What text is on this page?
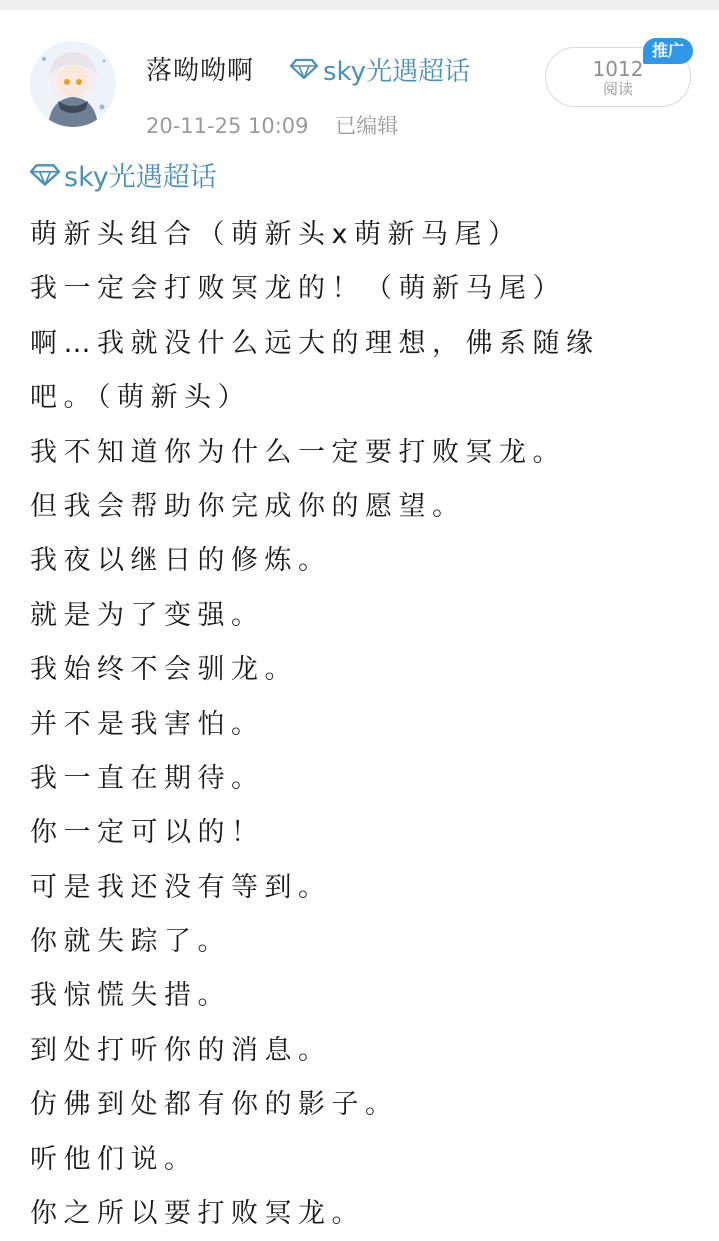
落呦呦啊	sky光遇超话
20-11-25 10:09 已编辑
1012
阅读
推广
sky光遇超话
萌新头组合（萌新头x萌新马尾）
我一定会打败冥龙的！（萌新马尾）
啊…我就没什么远大的理想，佛系随缘
吧。（萌新头）
我不知道你为什么一定要打败冥龙。
但我会帮助你完成你的愿望。
我夜以继日的修炼。
就是为了变强。
我始终不会驯龙。
并不是我害怕。
我一直在期待。
你一定可以的！
可是我还没有等到。
你就失踪了。
我惊慌失措。
到处打听你的消息。
仿佛到处都有你的影子。
听他们说。
你之所以要打败冥龙。
